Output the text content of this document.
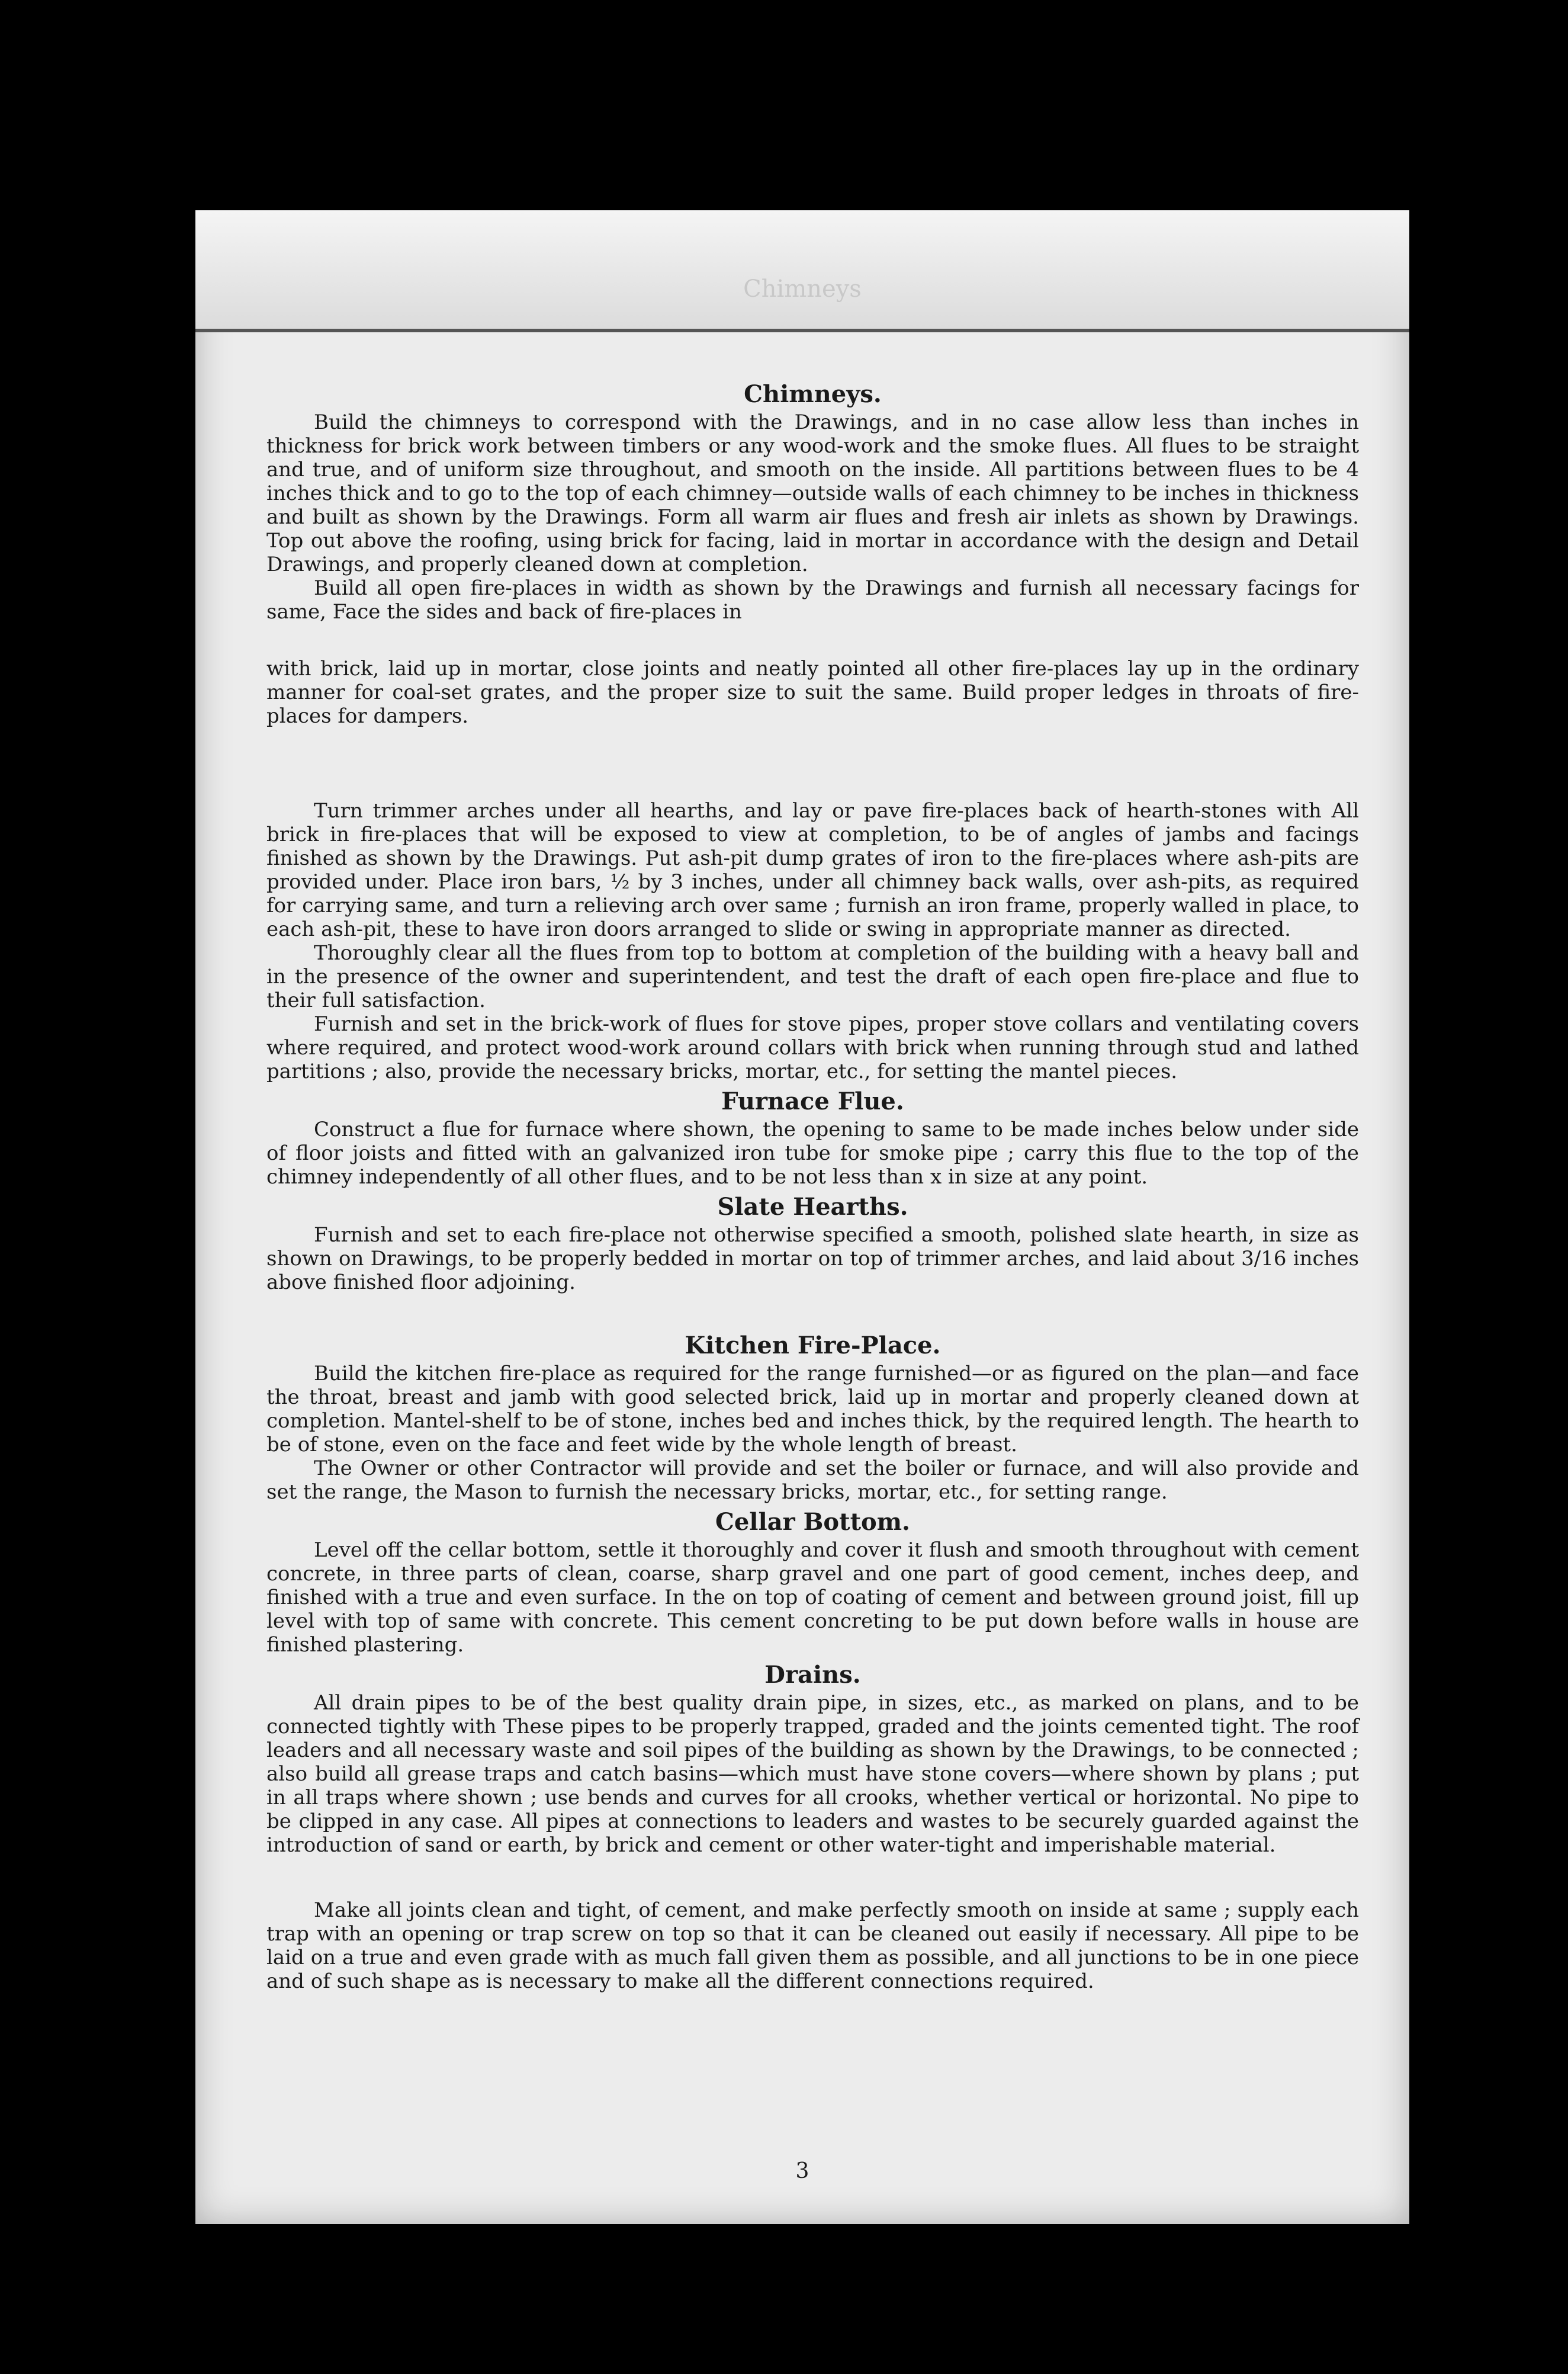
Chimneys
Chimneys.

Build the chimneys to correspond with the Drawings, and in no case allow less than inches in thickness for brick work between timbers or any wood-work and the smoke flues. All flues to be straight and true, and of uniform size throughout, and smooth on the inside. All partitions between flues to be 4 inches thick and to go to the top of each chimney—outside walls of each chimney to be inches in thickness and built as shown by the Drawings. Form all warm air flues and fresh air inlets as shown by Drawings. Top out above the roofing, using brick for facing, laid in mortar in accordance with the design and Detail Drawings, and properly cleaned down at completion.

Build all open fire-places in width as shown by the Drawings and furnish all necessary facings for same, Face the sides and back of fire-places in

with brick, laid up in mortar, close joints and neatly pointed all other fire-places lay up in the ordinary manner for coal-set grates, and the proper size to suit the same. Build proper ledges in throats of fire-places for dampers.

Turn trimmer arches under all hearths, and lay or pave fire-places back of hearth-stones with All brick in fire-places that will be exposed to view at completion, to be of angles of jambs and facings finished as shown by the Drawings. Put ash-pit dump grates of iron to the fire-places where ash-pits are provided under. Place iron bars, ½ by 3 inches, under all chimney back walls, over ash-pits, as required for carrying same, and turn a relieving arch over same ; furnish an iron frame, properly walled in place, to each ash-pit, these to have iron doors arranged to slide or swing in appropriate manner as directed.

Thoroughly clear all the flues from top to bottom at completion of the building with a heavy ball and in the presence of the owner and superintendent, and test the draft of each open fire-place and flue to their full satisfaction.

Furnish and set in the brick-work of flues for stove pipes, proper stove collars and ventilating covers where required, and protect wood-work around collars with brick when running through stud and lathed partitions ; also, provide the necessary bricks, mortar, etc., for setting the mantel pieces.

Furnace Flue.

Construct a flue for furnace where shown, the opening to same to be made inches below under side of floor joists and fitted with an galvanized iron tube for smoke pipe ; carry this flue to the top of the chimney independently of all other flues, and to be not less than x in size at any point.

Slate Hearths.

Furnish and set to each fire-place not otherwise specified a smooth, polished slate hearth, in size as shown on Drawings, to be properly bedded in mortar on top of trimmer arches, and laid about 3/16 inches above finished floor adjoining.

Kitchen Fire-Place.

Build the kitchen fire-place as required for the range furnished—or as figured on the plan—and face the throat, breast and jamb with good selected brick, laid up in mortar and properly cleaned down at completion. Mantel-shelf to be of stone, inches bed and inches thick, by the required length. The hearth to be of stone, even on the face and feet wide by the whole length of breast.

The Owner or other Contractor will provide and set the boiler or furnace, and will also provide and set the range, the Mason to furnish the necessary bricks, mortar, etc., for setting range.

Cellar Bottom.

Level off the cellar bottom, settle it thoroughly and cover it flush and smooth throughout with cement concrete, in three parts of clean, coarse, sharp gravel and one part of good cement, inches deep, and finished with a true and even surface. In the on top of coating of cement and between ground joist, fill up level with top of same with concrete. This cement concreting to be put down before walls in house are finished plastering.

Drains.

All drain pipes to be of the best quality drain pipe, in sizes, etc., as marked on plans, and to be connected tightly with These pipes to be properly trapped, graded and the joints cemented tight. The roof leaders and all necessary waste and soil pipes of the building as shown by the Drawings, to be connected ; also build all grease traps and catch basins—which must have stone covers—where shown by plans ; put in all traps where shown ; use bends and curves for all crooks, whether vertical or horizontal. No pipe to be clipped in any case. All pipes at connections to leaders and wastes to be securely guarded against the introduction of sand or earth, by brick and cement or other water-tight and imperishable material.

Make all joints clean and tight, of cement, and make perfectly smooth on inside at same ; supply each trap with an opening or trap screw on top so that it can be cleaned out easily if necessary. All pipe to be laid on a true and even grade with as much fall given them as possible, and all junctions to be in one piece and of such shape as is necessary to make all the different connections required.

3
